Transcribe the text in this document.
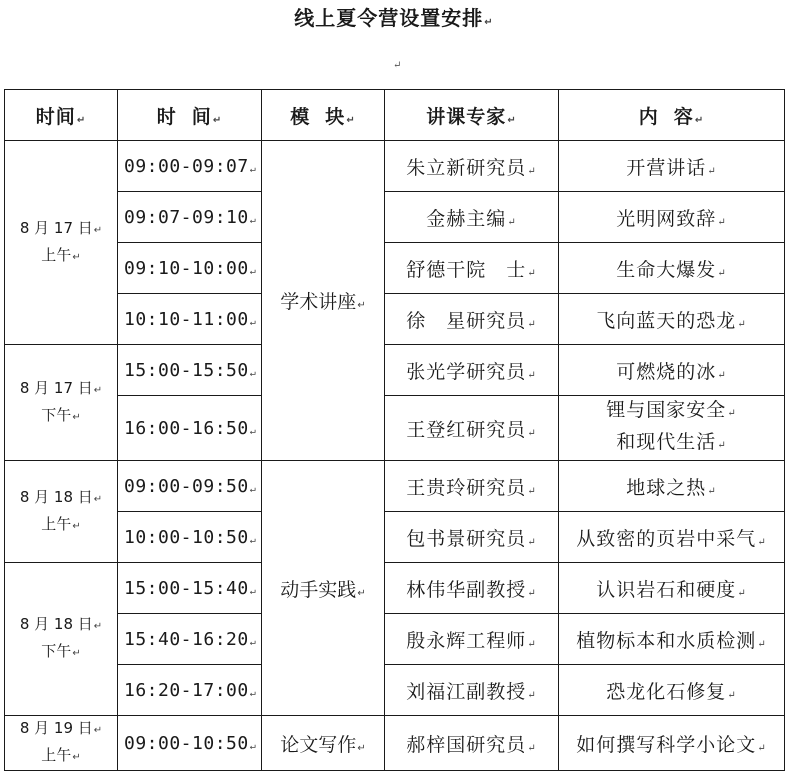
线上夏令营设置安排↵
↵
时间↵	时间↵	模块↵	讲课专家↵	内容↵

8 月 17 日↵
上午↵	09:00-09:07↵	学术讲座↵	朱立新研究员↵	开营讲话↵
	09:07-09:10↵		金赫主编↵	光明网致辞↵
	09:10-10:00↵		舒德干院　士↵	生命大爆发↵
	10:10-11:00↵		徐　星研究员↵	飞向蓝天的恐龙↵

8 月 17 日↵
下午↵	15:00-15:50↵		张光学研究员↵	可燃烧的冰↵
	16:00-16:50↵		王登红研究员↵	锂与国家安全↵
和现代生活↵

8 月 18 日↵
上午↵	09:00-09:50↵	动手实践↵	王贵玲研究员↵	地球之热↵
	10:00-10:50↵		包书景研究员↵	从致密的页岩中采气↵

8 月 18 日↵
下午↵	15:00-15:40↵		林伟华副教授↵	认识岩石和硬度↵
	15:40-16:20↵		殷永辉工程师↵	植物标本和水质检测↵
	16:20-17:00↵		刘福江副教授↵	恐龙化石修复↵

8 月 19 日↵
上午↵	09:00-10:50↵	论文写作↵	郝梓国研究员↵	如何撰写科学小论文↵
